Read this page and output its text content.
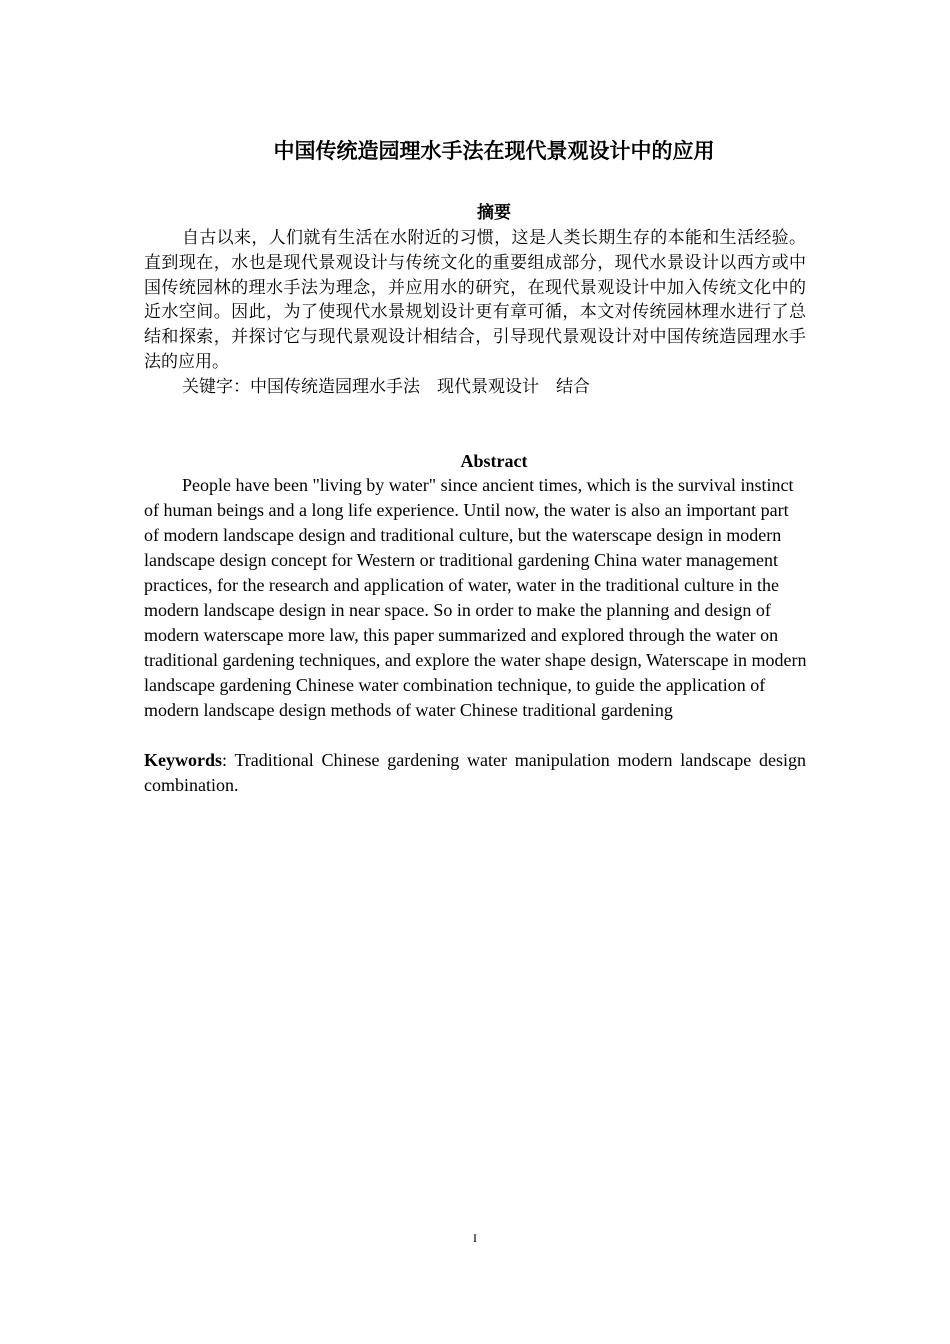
中国传统造园理水手法在现代景观设计中的应用
摘要

自古以来，人们就有生活在水附近的习惯，这是人类长期生存的本能和生活经验。直到现在，水也是现代景观设计与传统文化的重要组成部分，现代水景设计以西方或中国传统园林的理水手法为理念，并应用水的研究，在现代景观设计中加入传统文化中的近水空间。因此，为了使现代水景规划设计更有章可循，本文对传统园林理水进行了总结和探索，并探讨它与现代景观设计相结合，引导现代景观设计对中国传统造园理水手法的应用。

关键字：中国传统造园理水手法　现代景观设计　结合

Abstract

People have been "living by water" since ancient times, which is the survival instinct of human beings and a long life experience. Until now, the water is also an important part of modern landscape design and traditional culture, but the waterscape design in modern landscape design concept for Western or traditional gardening China water management practices, for the research and application of water, water in the traditional culture in the modern landscape design in near space. So in order to make the planning and design of modern waterscape more law, this paper summarized and explored through the water on traditional gardening techniques, and explore the water shape design, Waterscape in modern landscape gardening Chinese water combination technique, to guide the application of modern landscape design methods of water Chinese traditional gardening

Keywords: Traditional Chinese gardening water manipulation modern landscape design combination.

I
